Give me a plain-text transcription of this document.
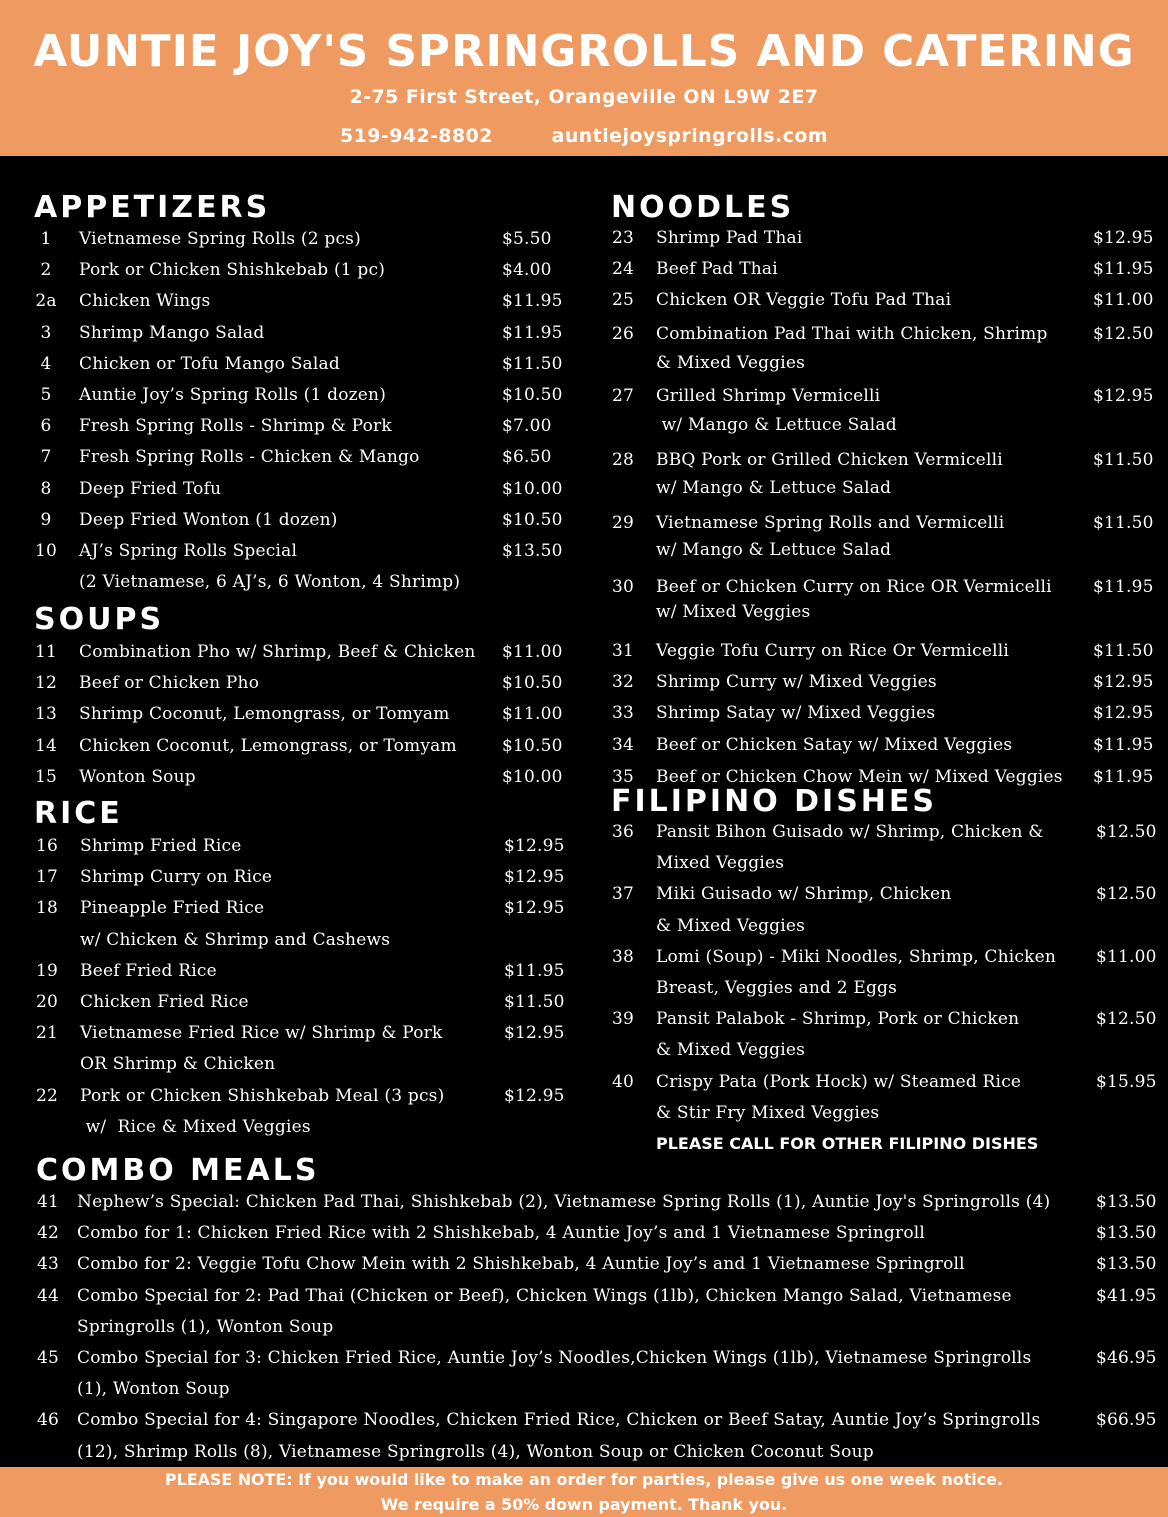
AUNTIE JOY'S SPRINGROLLS AND CATERING
2-75 First Street, Orangeville ON L9W 2E7
519-942-8802	auntiejoyspringrolls.com
APPETIZERS
1	Vietnamese Spring Rolls (2 pcs)	$5.50
2	Pork or Chicken Shishkebab (1 pc)	$4.00
2a Chicken Wings	$11.95
3	Shrimp Mango Salad	$11.95
4	Chicken or Tofu Mango Salad	$11.50
5	Auntie Joy’s Spring Rolls (1 dozen)	$10.50
6	Fresh Spring Rolls - Shrimp & Pork	$7.00
7	Fresh Spring Rolls - Chicken & Mango	$6.50
8	Deep Fried Tofu	$10.00
9	Deep Fried Wonton (1 dozen)	$10.50
10 AJ’s Spring Rolls Special	$13.50
(2 Vietnamese, 6 AJ’s, 6 Wonton, 4 Shrimp)
SOUPS
11 Combination Pho w/ Shrimp, Beef & Chicken $11.00
12 Beef or Chicken Pho	$10.50
13 Shrimp Coconut, Lemongrass, or Tomyam	$11.00
14 Chicken Coconut, Lemongrass, or Tomyam	$10.50
15 Wonton Soup	$10.00
RICE
16 Shrimp Fried Rice	$12.95
17 Shrimp Curry on Rice	$12.95
18 Pineapple Fried Rice	$12.95
w/ Chicken & Shrimp and Cashews
19 Beef Fried Rice	$11.95
20 Chicken Fried Rice	$11.50
21 Vietnamese Fried Rice w/ Shrimp & Pork	$12.95
OR Shrimp & Chicken
22 Pork or Chicken Shishkebab Meal (3 pcs)	$12.95
w/  Rice & Mixed Veggies
NOODLES
23 Shrimp Pad Thai	$12.95
24 Beef Pad Thai	$11.95
25 Chicken OR Veggie Tofu Pad Thai	$11.00
26 Combination Pad Thai with Chicken, Shrimp	$12.50
& Mixed Veggies
27 Grilled Shrimp Vermicelli	$12.95
w/ Mango & Lettuce Salad
28 BBQ Pork or Grilled Chicken Vermicelli	$11.50
w/ Mango & Lettuce Salad
29 Vietnamese Spring Rolls and Vermicelli	$11.50
w/ Mango & Lettuce Salad
30 Beef or Chicken Curry on Rice OR Vermicelli $11.95
w/ Mixed Veggies
31 Veggie Tofu Curry on Rice Or Vermicelli	$11.50
32 Shrimp Curry w/ Mixed Veggies	$12.95
33 Shrimp Satay w/ Mixed Veggies	$12.95
34 Beef or Chicken Satay w/ Mixed Veggies	$11.95
35 Beef or Chicken Chow Mein w/ Mixed Veggies $11.95
FILIPINO DISHES
36 Pansit Bihon Guisado w/ Shrimp, Chicken &	$12.50
Mixed Veggies
37 Miki Guisado w/ Shrimp, Chicken	$12.50
& Mixed Veggies
38 Lomi (Soup) - Miki Noodles, Shrimp, Chicken $11.00
Breast, Veggies and 2 Eggs
39 Pansit Palabok - Shrimp, Pork or Chicken	$12.50
& Mixed Veggies
40 Crispy Pata (Pork Hock) w/ Steamed Rice	$15.95
& Stir Fry Mixed Veggies
COMBO MEALS
41 Nephew’s Special: Chicken Pad Thai, Shishkebab (2), Vietnamese Spring Rolls (1), Auntie Joy's Springrolls (4)	$13.50
42 Combo for 1: Chicken Fried Rice with 2 Shishkebab, 4 Auntie Joy’s and 1 Vietnamese Springroll	$13.50
43 Combo for 2: Veggie Tofu Chow Mein with 2 Shishkebab, 4 Auntie Joy’s and 1 Vietnamese Springroll	$13.50
44 Combo Special for 2: Pad Thai (Chicken or Beef), Chicken Wings (1lb), Chicken Mango Salad, Vietnamese	$41.95
Springrolls (1), Wonton Soup
45 Combo Special for 3: Chicken Fried Rice, Auntie Joy’s Noodles,Chicken Wings (1lb), Vietnamese Springrolls	$46.95
(1), Wonton Soup
46 Combo Special for 4: Singapore Noodles, Chicken Fried Rice, Chicken or Beef Satay, Auntie Joy’s Springrolls	$66.95
(12), Shrimp Rolls (8), Vietnamese Springrolls (4), Wonton Soup or Chicken Coconut Soup
PLEASE CALL FOR OTHER FILIPINO DISHES
PLEASE NOTE: If you would like to make an order for parties, please give us one week notice.
We require a 50% down payment. Thank you.
